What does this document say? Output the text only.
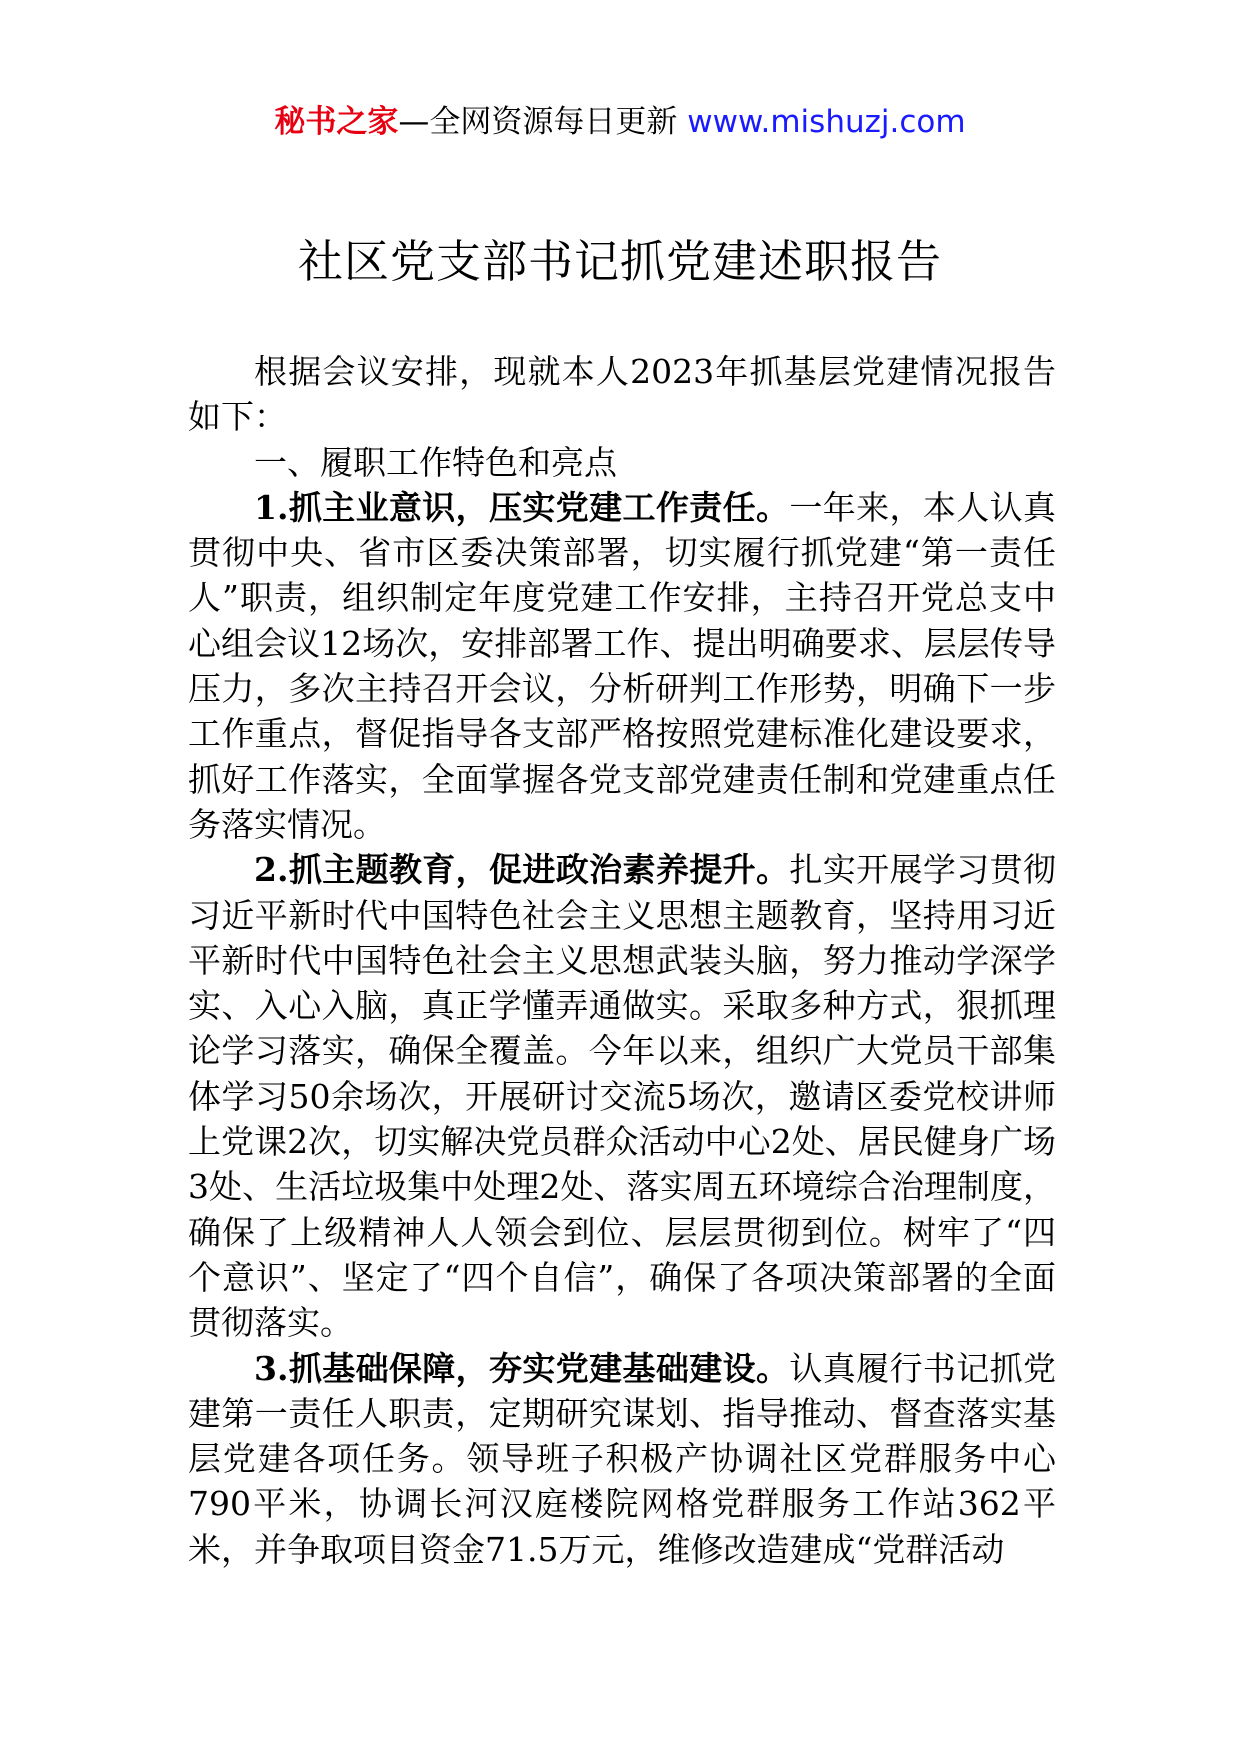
秘书之家—全网资源每日更新 www.mishuzj.com
社区党支部书记抓党建述职报告

根据会议安排，现就本人2023年抓基层党建情况报告如下：

一、履职工作特色和亮点

1.抓主业意识，压实党建工作责任。一年来，本人认真贯彻中央、省市区委决策部署，切实履行抓党建“第一责任人”职责，组织制定年度党建工作安排，主持召开党总支中心组会议12场次，安排部署工作、提出明确要求、层层传导压力，多次主持召开会议，分析研判工作形势，明确下一步工作重点，督促指导各支部严格按照党建标准化建设要求，抓好工作落实，全面掌握各党支部党建责任制和党建重点任务落实情况。

2.抓主题教育，促进政治素养提升。扎实开展学习贯彻习近平新时代中国特色社会主义思想主题教育，坚持用习近平新时代中国特色社会主义思想武装头脑，努力推动学深学实、入心入脑，真正学懂弄通做实。采取多种方式，狠抓理论学习落实，确保全覆盖。今年以来，组织广大党员干部集体学习50余场次，开展研讨交流5场次，邀请区委党校讲师上党课2次，切实解决党员群众活动中心2处、居民健身广场3处、生活垃圾集中处理2处、落实周五环境综合治理制度，确保了上级精神人人领会到位、层层贯彻到位。树牢了“四个意识”、坚定了“四个自信”，确保了各项决策部署的全面贯彻落实。

3.抓基础保障，夯实党建基础建设。认真履行书记抓党建第一责任人职责，定期研究谋划、指导推动、督查落实基层党建各项任务。领导班子积极产协调社区党群服务中心790平米，协调长河汉庭楼院网格党群服务工作站362平米，并争取项目资金71.5万元，维修改造建成“党群活动
